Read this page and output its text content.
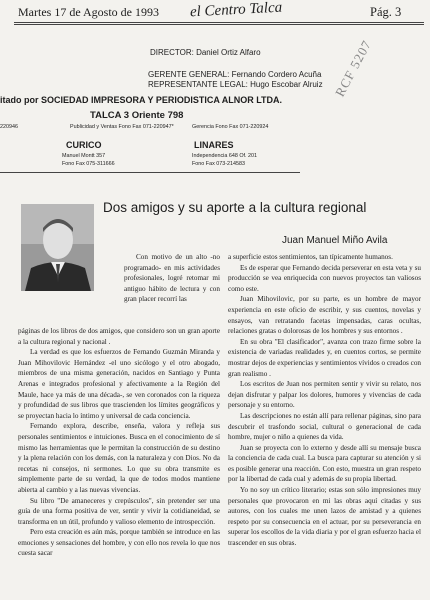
Martes 17 de Agosto de 1993 el Centro Talca	Pág. 3
RCF 5207
DIRECTOR: Daniel Ortiz Alfaro
GERENTE GENERAL: Fernando Cordero Acuña
REPRESENTANTE LEGAL: Hugo Escobar Alruiz
itado por SOCIEDAD IMPRESORA Y PERIODISTICA ALNOR LTDA.
TALCA 3 Oriente 798
220946	Publicidad y Ventas Fono Fax 071-220947*	Gerencia Fono Fax 071-220924
CURICO	LINARES
Manuel Montt 357	Independencia 648 Of. 201
Fono Fax 075-311666	Fono Fax 073-214583
Dos amigos y su aporte a la cultura regional
Juan Manuel Miño Avila

Con motivo de un alto -no programado- en mis actividades profesionales, logré retomar mi antiguo hábito de lectura y con gran placer recorrí las

páginas de los libros de dos amigos, que considero son un gran aporte a la cultura regional y nacional .

La verdad es que los esfuerzos de Fernando Guzmán Miranda y Juan Mihovilovic Hernández -el uno sicólogo y el otro abogado, miembros de una misma generación, nacidos en Santiago y Punta Arenas e integrados profesional y afectivamente a la Región del Maule, hace ya más de una década-, se ven coronados con la riqueza y profundidad de sus libros que trascienden los límites geográficos y se proyectan hacia lo íntimo y universal de cada conciencia.

Fernando explora, describe, enseña, valora y refleja sus personales sentimientos e intuiciones. Busca en el conocimiento de sí mismo las herramientas que le permitan la construcción de su destino y la plena relación con los demás, con la naturaleza y con Dios. No da recetas ni consejos, ni sermones. Lo que su obra transmite es simplemente parte de su verdad, la que de todos modos mantiene abierta al cambio y a las nuevas vivencias.

Su libro "De amaneceres y crepúsculos", sin pretender ser una guía de una forma positiva de ver, sentir y vivir la cotidianeidad, se transforma en un útil, profundo y valioso elemento de introspección.

Pero esta creación es aún más, porque también se introduce en las emociones y sensaciones del hombre, y con ello nos revela lo que nos cuesta sacar

a superficie estos sentimientos, tan típicamente humanos.

Es de esperar que Fernando decida perseverar en esta veta y su producción se vea enriquecida con nuevos proyectos tan valiosos como este.

Juan Mihovilovic, por su parte, es un hombre de mayor experiencia en este oficio de escribir, y sus cuentos, novelas y ensayos, van retratando facetas impensadas, caras ocultas, relaciones gratas o dolorosas de los hombres y sus entornos .

En su obra "El clasificador", avanza con trazo firme sobre la existencia de variadas realidades y, en cuentos cortos, se permite mostrar dejos de experiencias y sentimientos vívidos o creados con gran realismo .

Los escritos de Juan nos permiten sentir y vivir su relato, nos dejan disfrutar y palpar los dolores, humores y vivencias de cada personaje y su entorno.

Las descripciones no están allí para rellenar páginas, sino para descubrir el trasfondo social, cultural o generacional de cada hombre, mujer o niño a quienes da vida.

Juan se proyecta con lo externo y desde allí su mensaje busca la conciencia de cada cual. La busca para capturar su atención y si es posible generar una reacción. Con esto, muestra un gran respeto por la libertad de cada cual y además de su propia libertad.

Yo no soy un crítico literario; estas son sólo impresiones muy personales que provocaron en mi las obras aquí citadas y sus autores, con los cuales me unen lazos de amistad y a quienes respeto por su consecuencia en el actuar, por su perseverancia en superar los escollos de la vida diaria y por el gran esfuerzo hacia el trascender en sus obras.
